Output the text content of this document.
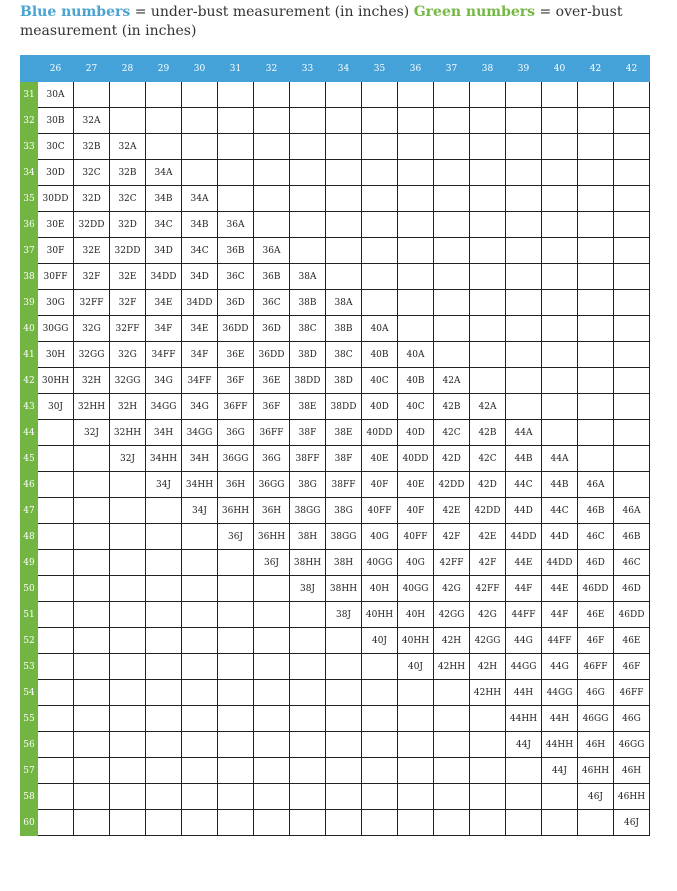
Blue numbers = under-bust measurement (in inches) Green numbers = over-bust measurement (in inches)
	26	27	28	29	30	31	32	33	34	35	36	37	38	39	40	42	42
31	30A																
32	30B	32A															
33	30C	32B	32A														
34	30D	32C	32B	34A													
35	30DD	32D	32C	34B	34A												
36	30E	32DD	32D	34C	34B	36A											
37	30F	32E	32DD	34D	34C	36B	36A										
38	30FF	32F	32E	34DD	34D	36C	36B	38A									
39	30G	32FF	32F	34E	34DD	36D	36C	38B	38A								
40	30GG	32G	32FF	34F	34E	36DD	36D	38C	38B	40A							
41	30H	32GG	32G	34FF	34F	36E	36DD	38D	38C	40B	40A						
42	30HH	32H	32GG	34G	34FF	36F	36E	38DD	38D	40C	40B	42A					
43	30J	32HH	32H	34GG	34G	36FF	36F	38E	38DD	40D	40C	42B	42A				
44		32J	32HH	34H	34GG	36G	36FF	38F	38E	40DD	40D	42C	42B	44A			
45			32J	34HH	34H	36GG	36G	38FF	38F	40E	40DD	42D	42C	44B	44A		
46				34J	34HH	36H	36GG	38G	38FF	40F	40E	42DD	42D	44C	44B	46A	
47					34J	36HH	36H	38GG	38G	40FF	40F	42E	42DD	44D	44C	46B	46A
48						36J	36HH	38H	38GG	40G	40FF	42F	42E	44DD	44D	46C	46B
49							36J	38HH	38H	40GG	40G	42FF	42F	44E	44DD	46D	46C
50								38J	38HH	40H	40GG	42G	42FF	44F	44E	46DD	46D
51									38J	40HH	40H	42GG	42G	44FF	44F	46E	46DD
52										40J	40HH	42H	42GG	44G	44FF	46F	46E
53											40J	42HH	42H	44GG	44G	46FF	46F
54													42HH	44H	44GG	46G	46FF
55														44HH	44H	46GG	46G
56														44J	44HH	46H	46GG
57															44J	46HH	46H
58																46J	46HH
60																	46J
